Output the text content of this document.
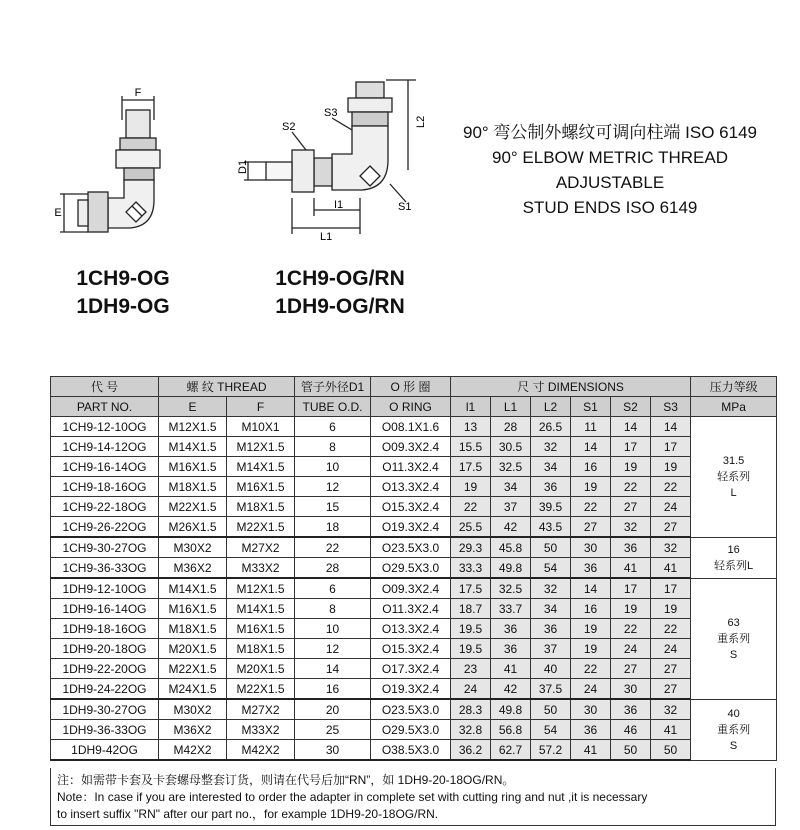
F
E
S3
S2
S1
D1
I1
L1
L2
1CH9-OG
1DH9-OG
1CH9-OG/RN
1DH9-OG/RN
90° 弯公制外螺纹可调向柱端 ISO 6149
90° ELBOW METRIC THREAD
ADJUSTABLE
STUD ENDS ISO 6149
代 号	螺 纹 THREAD		管子外径D1	O 形 圈	尺 寸 DIMENSIONS						压力等级
PART NO.	E	F	TUBE O.D.	O RING	l1	L1	L2	S1	S2	S3	MPa
1CH9-12-10OG	M12X1.5	M10X1	6	O08.1X1.6	13	28	26.5	11	14	14	31.5
轻系列
L

1CH9-14-12OG	M14X1.5	M12X1.5	8	O09.3X2.4	15.5	30.5	32	14	17	17	
1CH9-16-14OG	M16X1.5	M14X1.5	10	O11.3X2.4	17.5	32.5	34	16	19	19	
1CH9-18-16OG	M18X1.5	M16X1.5	12	O13.3X2.4	19	34	36	19	22	22	
1CH9-22-18OG	M22X1.5	M18X1.5	15	O15.3X2.4	22	37	39.5	22	27	24	
1CH9-26-22OG	M26X1.5	M22X1.5	18	O19.3X2.4	25.5	42	43.5	27	32	27	
1CH9-30-27OG	M30X2	M27X2	22	O23.5X3.0	29.3	45.8	50	30	36	32	16
轻系列L

1CH9-36-33OG	M36X2	M33X2	28	O29.5X3.0	33.3	49.8	54	36	41	41	
1DH9-12-10OG	M14X1.5	M12X1.5	6	O09.3X2.4	17.5	32.5	32	14	17	17	63
重系列
S

1DH9-16-14OG	M16X1.5	M14X1.5	8	O11.3X2.4	18.7	33.7	34	16	19	19	
1DH9-18-16OG	M18X1.5	M16X1.5	10	O13.3X2.4	19.5	36	36	19	22	22	
1DH9-20-18OG	M20X1.5	M18X1.5	12	O15.3X2.4	19.5	36	37	19	24	24	
1DH9-22-20OG	M22X1.5	M20X1.5	14	O17.3X2.4	23	41	40	22	27	27	
1DH9-24-22OG	M24X1.5	M22X1.5	16	O19.3X2.4	24	42	37.5	24	30	27	
1DH9-30-27OG	M30X2	M27X2	20	O23.5X3.0	28.3	49.8	50	30	36	32	40
重系列
S

1DH9-36-33OG	M36X2	M33X2	25	O29.5X3.0	32.8	56.8	54	36	46	41	
1DH9-42OG	M42X2	M42X2	30	O38.5X3.0	36.2	62.7	57.2	41	50	50	
注：如需带卡套及卡套螺母整套订货，则请在代号后加“RN”，如 1DH9-20-18OG/RN。
Note：In case if you are interested to order the adapter in complete set with cutting ring and nut ,it is necessary
to insert suffix "RN" after our part no.，for example 1DH9-20-18OG/RN.
